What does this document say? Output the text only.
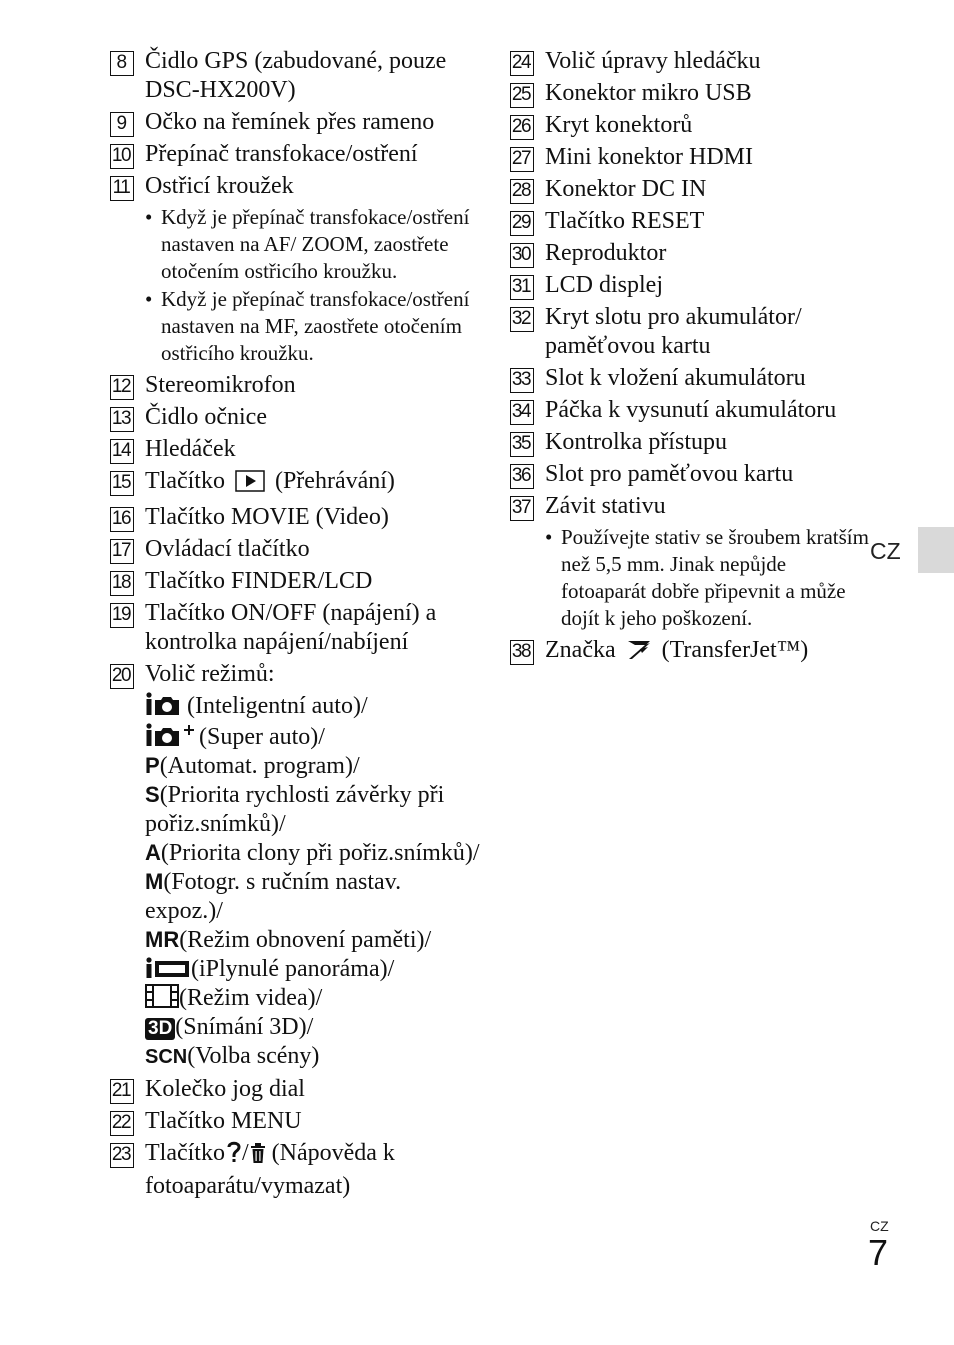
8 Čidlo GPS (zabudované, pouze DSC-HX200V)
9 Očko na řemínek přes rameno
10 Přepínač transfokace/ostření
11 Ostřicí kroužek
• Když je přepínač transfokace/ostření nastaven na AF/ ZOOM, zaostřete otočením ostřicího kroužku.
• Když je přepínač transfokace/ostření nastaven na MF, zaostřete otočením ostřicího kroužku.
12 Stereomikrofon
13 Čidlo očnice
14 Hledáček
15 Tlačítko (Přehrávání)
16 Tlačítko MOVIE (Video)
17 Ovládací tlačítko
18 Tlačítko FINDER/LCD
19 Tlačítko ON/OFF (napájení) a kontrolka napájení/nabíjení
20 Volič režimů:
(Inteligentní auto)/
(Super auto)/
P(Automat. program)/
S(Priorita rychlosti závěrky při pořiz.snímků)/
A(Priorita clony při pořiz.snímků)/
M(Fotogr. s ručním nastav. expoz.)/
MR(Režim obnovení paměti)/
(iPlynulé panoráma)/
(Režim videa)/
3D (Snímání 3D)/
SCN(Volba scény)
21 Kolečko jog dial
22 Tlačítko MENU
23 Tlačítko / (Nápověda k fotoaparátu/vymazat)
24 Volič úpravy hledáčku
25 Konektor mikro USB
26 Kryt konektorů
27 Mini konektor HDMI
28 Konektor DC IN
29 Tlačítko RESET
30 Reproduktor
31 LCD displej
32 Kryt slotu pro akumulátor/ paměťovou kartu
33 Slot k vložení akumulátoru
34 Páčka k vysunutí akumulátoru
35 Kontrolka přístupu
36 Slot pro paměťovou kartu
37 Závit stativu
• Používejte stativ se šroubem kratším než 5,5 mm. Jinak nepůjde fotoaparát dobře připevnit a může dojít k jeho poškození.
38 Značka (TransferJet™)
CZ
CZ
7
